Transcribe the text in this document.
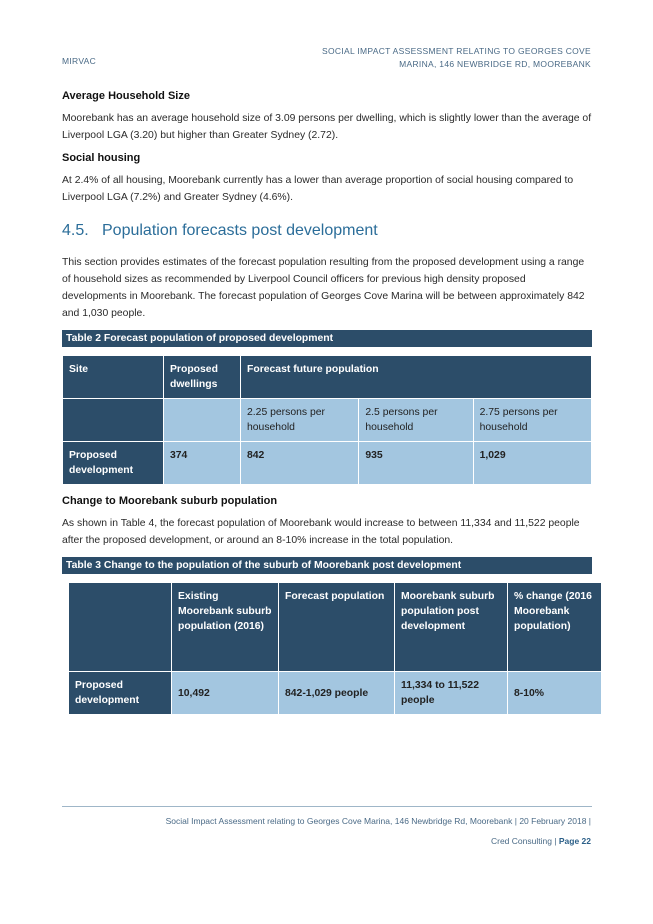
MIRVAC
SOCIAL IMPACT ASSESSMENT RELATING TO GEORGES COVE
MARINA, 146 NEWBRIDGE RD, MOOREBANK
Average Household Size

Moorebank has an average household size of 3.09 persons per dwelling, which is slightly lower than the average of Liverpool LGA (3.20) but higher than Greater Sydney (2.72).

Social housing

At 2.4% of all housing, Moorebank currently has a lower than average proportion of social housing compared to Liverpool LGA (7.2%) and Greater Sydney (4.6%).

4.5. Population forecasts post development

This section provides estimates of the forecast population resulting from the proposed development using a range of household sizes as recommended by Liverpool Council officers for previous high density proposed developments in Moorebank. The forecast population of Georges Cove Marina will be between approximately 842 and 1,030 people.

Table 2 Forecast population of proposed development
Site	Proposed dwellings	Forecast future population		
		2.25 persons per household	2.5 persons per household	2.75 persons per household
Proposed development	374	842	935	1,029
Change to Moorebank suburb population

As shown in Table 4, the forecast population of Moorebank would increase to between 11,334 and 11,522 people after the proposed development, or around an 8-10% increase in the total population.

Table 3 Change to the population of the suburb of Moorebank post development
	Existing Moorebank suburb population (2016)	Forecast population	Moorebank suburb population post development	% change (2016 Moorebank population)
Proposed development	10,492	842-1,029 people	11,334 to 11,522 people	8-10%
Social Impact Assessment relating to Georges Cove Marina, 146 Newbridge Rd, Moorebank | 20 February 2018 |
Cred Consulting | Page 22
